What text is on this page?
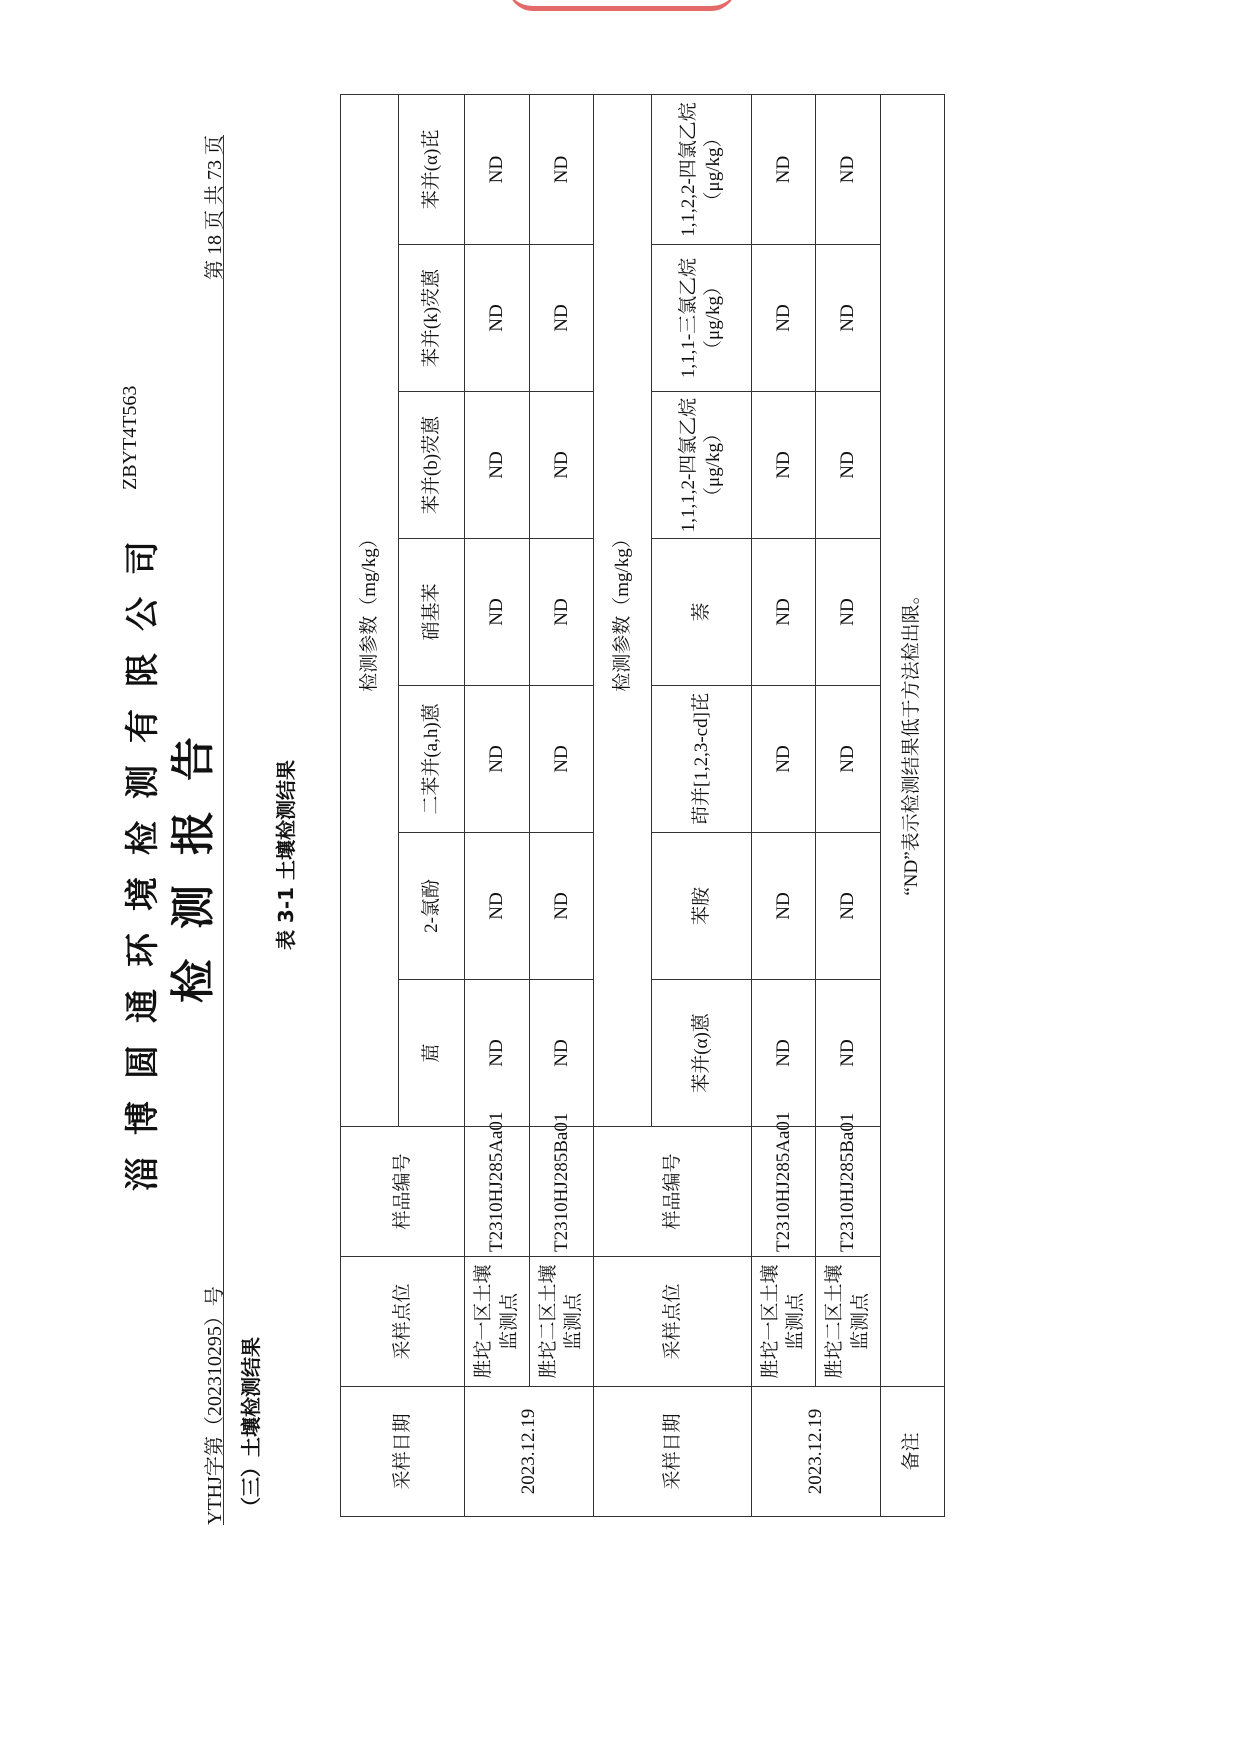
淄博圆通环境检测有限公司
ZBYT4T563
检测报告
YTHJ字第（202310295）号
第 18 页 共 73 页
（三）土壤检测结果
表 3-1 土壤检测结果
采样日期	采样点位	样品编号	检测参数（mg/kg）						
			䓛	2-氯酚	二苯并(a,h)蒽	硝基苯	苯并(b)荧蒽	苯并(k)荧蒽	苯并(α)芘
2023.12.19	胜坨一区土壤监测点	T2310HJ285Aa01	ND	ND	ND	ND	ND	ND	ND
	胜坨二区土壤监测点	T2310HJ285Ba01	ND	ND	ND	ND	ND	ND	ND
采样日期	采样点位	样品编号	检测参数（mg/kg）						
			苯并(α)蒽	苯胺	茚并[1,2,3-cd]芘	萘	1,1,1,2-四氯乙烷（μg/kg）	1,1,1-三氯乙烷（μg/kg）	1,1,2,2-四氯乙烷（μg/kg）
2023.12.19	胜坨一区土壤监测点	T2310HJ285Aa01	ND	ND	ND	ND	ND	ND	ND
	胜坨二区土壤监测点	T2310HJ285Ba01	ND	ND	ND	ND	ND	ND	ND
备注	“ND”表示检测结果低于方法检出限。								
